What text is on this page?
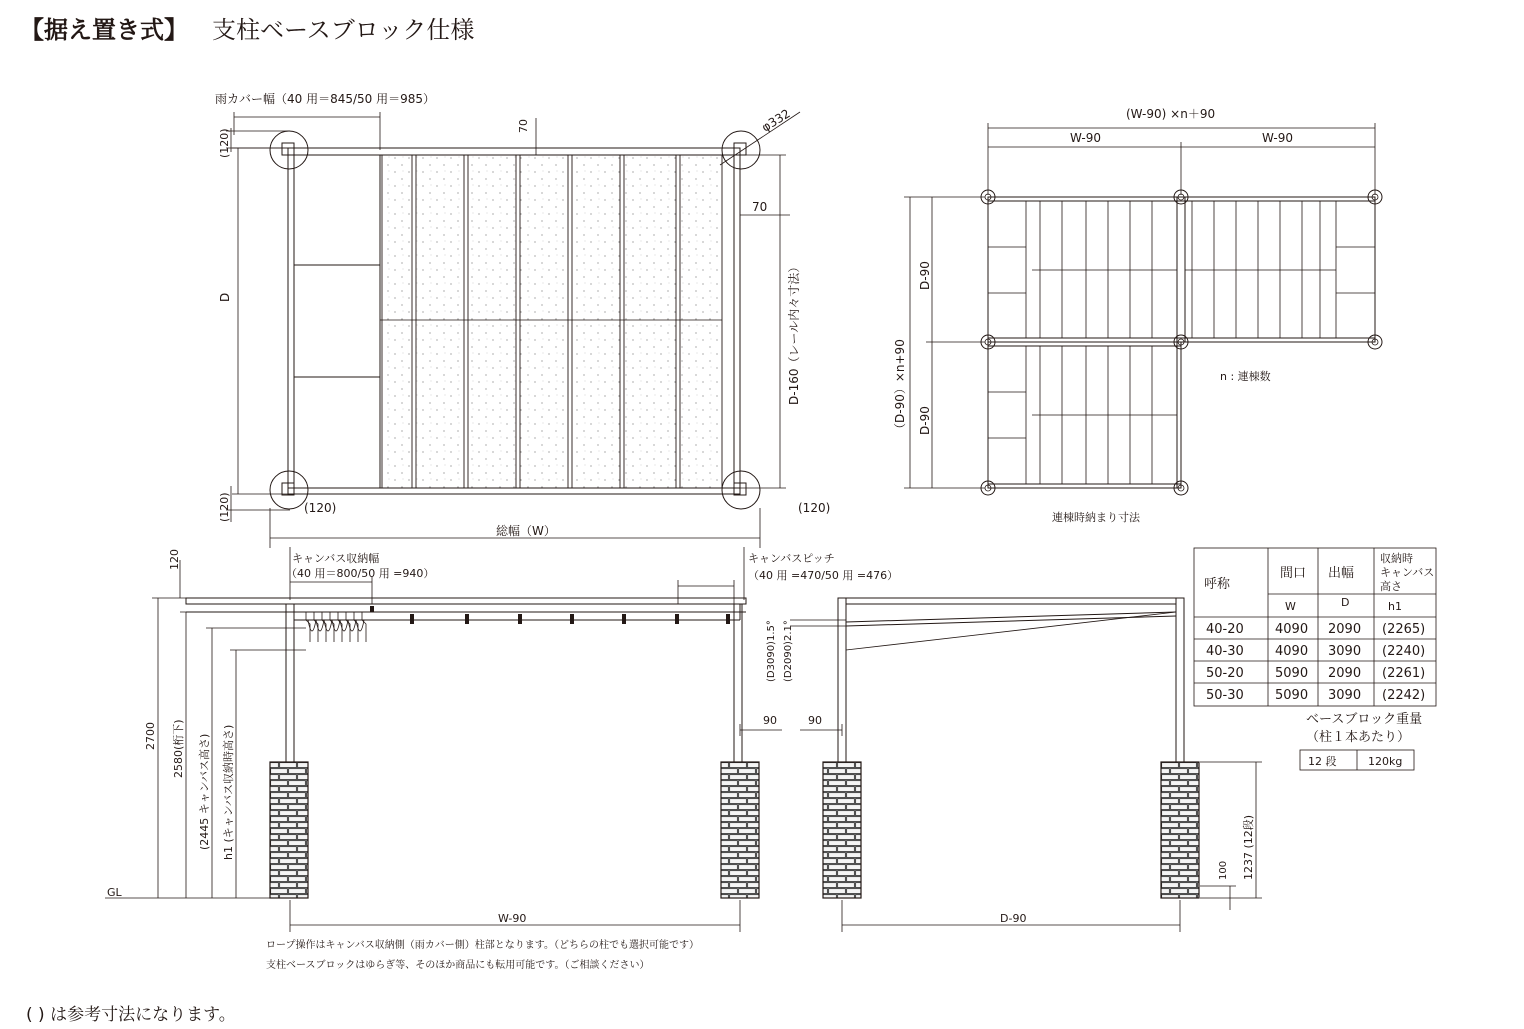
【据え置き式】 支柱ベースブロック仕様
雨カバー幅（40 用＝845/50 用＝985）
(120)
D
(120)	(120)	(120)
70	φ332
70
D-160（レール内々寸法）
総幅（W）
(W-90) ×n＋90
W-90	W-90
（D-90）×n+90
D-90
D-90
n : 連棟数
連棟時納まり寸法
キャンバス収納幅
（40 用＝800/50 用 =940）
キャンバスピッチ
（40 用 =470/50 用 =476）
2700 2580(桁下) (2445 キャンバス高さ) h1 (キャンバス収納時高さ)
120
90
GL
W-90
(D3090)1.5° (D2090)2.1°
90
1237 (12段)
100
D-90
呼称
間口 出幅
収納時 キャンバス 高さ
W	D	h1
40-20 4090 2090 (2265)
40-30 4090 3090 (2240)
50-20 5090 2090 (2261)
50-30 5090 3090 (2242)
ベースブロック重量
（柱１本あたり）
12 段	120kg
ロープ操作はキャンバス収納側（雨カバー側）柱部となります。（どちらの柱でも選択可能です）
支柱ベースブロックはゆらぎ等、そのほか商品にも転用可能です。（ご相談ください）
( ) は参考寸法になります。
